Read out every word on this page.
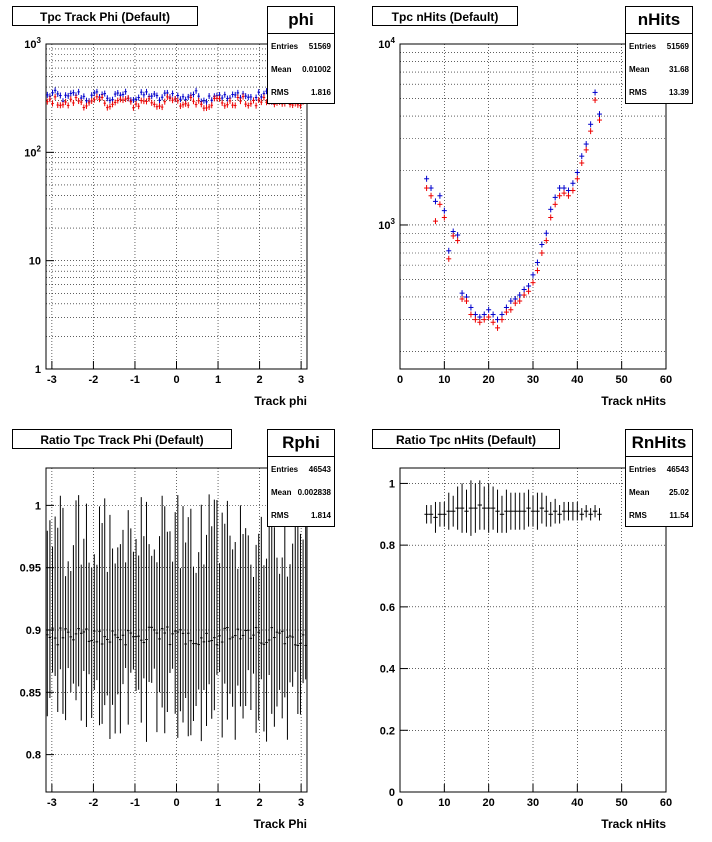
-3	-2	-1	0	1	2	3
1
10
$10^2$
$10^3$
Track phi
0	10	20	30	40	50	60
$10^3$
$10^4$
Track nHits
-3	-2	-1	0	1	2	3
0.8
0.85
0.9
0.95
1
Track Phi
0	10	20	30	40	50	60
0
0.2
0.4
0.6
0.8
1
Track nHits
Tpc Track Phi (Default)	phi
Entries 51569
Mean 0.01002
RMS	1.816
Tpc nHits (Default)	nHits
Entries 51569
Mean 31.68
RMS	13.39
Ratio Tpc Track Phi (Default)	Rphi
Entries 46543
Mean 0.002838
RMS	1.814
Ratio Tpc nHits (Default)	RnHits
Entries 46543
Mean 25.02
RMS	11.54
